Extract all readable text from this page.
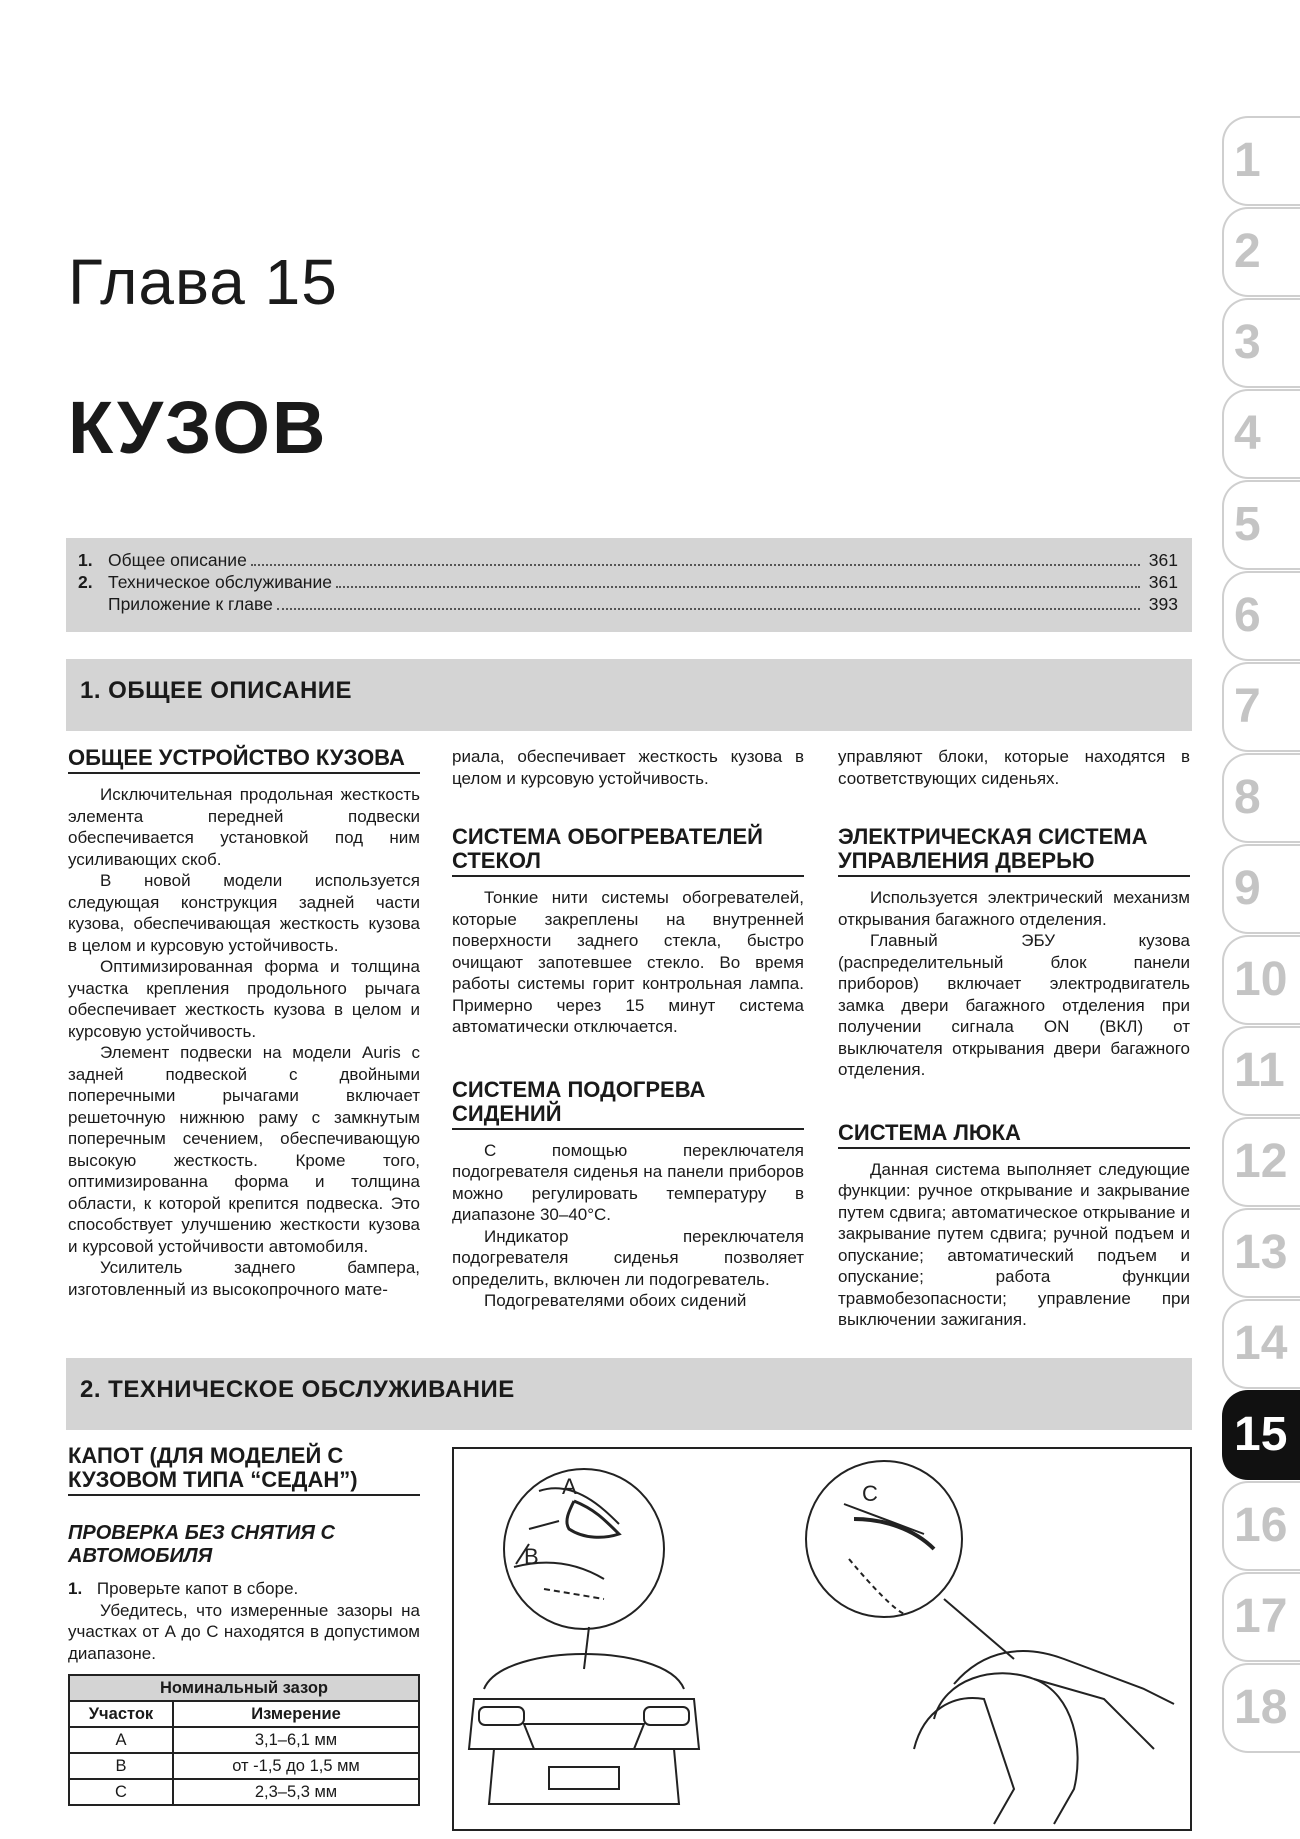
Глава 15
КУЗОВ
1
2
3
4
5
6
7
8
9
10
11
12
13
14
15
16
17
18
1. Общее описание	361
2. Техническое обслуживание	361
Приложение к главе	393
1. ОБЩЕЕ ОПИСАНИЕ
ОБЩЕЕ УСТРОЙСТВО КУЗОВА

Исключительная продольная жесткость элемента передней подвески обеспечивается установкой под ним усиливающих скоб.

В новой модели используется следующая конструкция задней части кузова, обеспечивающая жесткость кузова в целом и курсовую устойчивость.

Оптимизированная форма и толщина участка крепления продольного рычага обеспечивает жесткость кузова в целом и курсовую устойчивость.

Элемент подвески на модели Auris с задней подвеской с двойными поперечными рычагами включает решеточную нижнюю раму с замкнутым поперечным сечением, обеспечивающую высокую жесткость. Кроме того, оптимизированна форма и толщина области, к которой крепится подвеска. Это способствует улучшению жесткости кузова и курсовой устойчивости автомобиля.

Усилитель заднего бампера, изготовленный из высокопрочного мате-

риала, обеспечивает жесткость кузова в целом и курсовую устойчивость.

СИСТЕМА ОБОГРЕВАТЕЛЕЙ СТЕКОЛ

Тонкие нити системы обогревателей, которые закреплены на внутренней поверхности заднего стекла, быстро очищают запотевшее стекло. Во время работы системы горит контрольная лампа. Примерно через 15 минут система автоматически отключается.

СИСТЕМА ПОДОГРЕВА СИДЕНИЙ

С помощью переключателя подогревателя сиденья на панели приборов можно регулировать температуру в диапазоне 30–40°С.

Индикатор переключателя подогревателя сиденья позволяет определить, включен ли подогреватель.

Подогревателями обоих сидений

управляют блоки, которые находятся в соответствующих сиденьях.

ЭЛЕКТРИЧЕСКАЯ СИСТЕМА УПРАВЛЕНИЯ ДВЕРЬЮ

Используется электрический механизм открывания багажного отделения.

Главный ЭБУ кузова (распределительный блок панели приборов) включает электродвигатель замка двери багажного отделения при получении сигнала ON (ВКЛ) от выключателя открывания двери багажного отделения.

СИСТЕМА ЛЮКА

Данная система выполняет следующие функции: ручное открывание и закрывание путем сдвига; автоматическое открывание и закрывание путем сдвига; ручной подъем и опускание; автоматический подъем и опускание; работа функции травмобезопасности; управление при выключении зажигания.

2. ТЕХНИЧЕСКОЕ ОБСЛУЖИВАНИЕ
КАПОТ (ДЛЯ МОДЕЛЕЙ С КУЗОВОМ ТИПА “СЕДАН”)
ПРОВЕРКА БЕЗ СНЯТИЯ С АВТОМОБИЛЯ

1. Проверьте капот в сборе.

Убедитесь, что измеренные зазоры на участках от А до С находятся в допустимом диапазоне.

Номинальный зазор	
Участок	Измерение
А	3,1–6,1 мм
В	от -1,5 до 1,5 мм
С	2,3–5,3 мм
A
B
C
